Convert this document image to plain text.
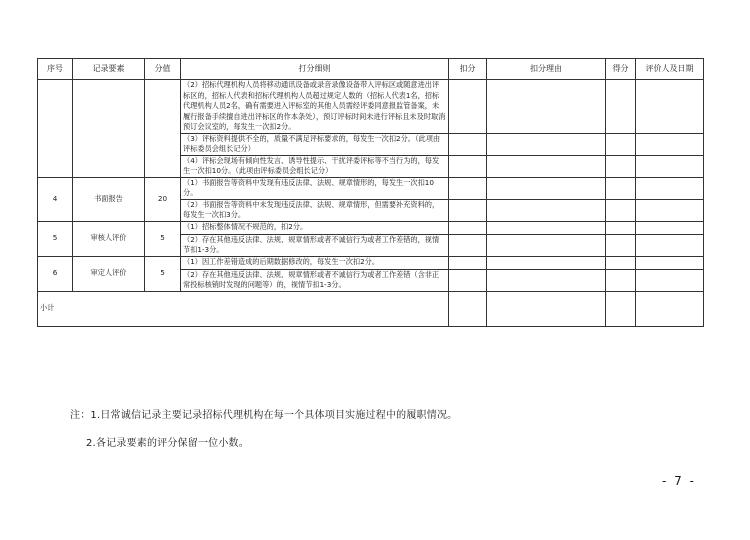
序号	记录要素	分值	打分细则	扣分	扣分理由	得分	评价人及日期
			（2）招标代理机构人员将移动通讯设备或录音录像设备带入评标区或随意进出评标区的，招标人代表和招标代理机构人员超过规定人数的（招标人代表1名，招标代理机构人员2名，确有需要进入评标室的其他人员需经评委同意报监管备案，未履行报备手续擅自进出评标区的作本条处），预订评标时间未进行评标且未及时取消预订会议室的，每发生一次扣2分。				
			（3）评标资料提供不全的，质量不满足评标要求的，每发生一次扣2分。（此项由评标委员会组长记分）				
			（4）评标会现场有倾向性发言、诱导性提示、干扰评委评标等不当行为的，每发生一次扣10分。（此项由评标委员会组长记分）				
4	书面报告	20	（1）书面报告等资料中发现有违反法律、法规、规章情形的，每发生一次扣10分。				
			（2）书面报告等资料中未发现违反法律、法规、规章情形，但需要补充资料的，每发生一次扣3分。				
5	审核人评价	5	（1）招标整体情况不规范的，扣2分。				
			（2）存在其他违反法律、法规、规章情形或者不诚信行为或者工作差错的，视情节扣1-3分。				
6	审定人评价	5	（1）因工作差错造成的后期数据修改的，每发生一次扣2分。				
			（2）存在其他违反法律、法规、规章情形或者不诚信行为或者工作差错（含非正常投标核销时发现的问题等）的，视情节扣1-3分。				
小计							
注：1.日常诚信记录主要记录招标代理机构在每一个具体项目实施过程中的履职情况。
2.各记录要素的评分保留一位小数。
- 7 -
